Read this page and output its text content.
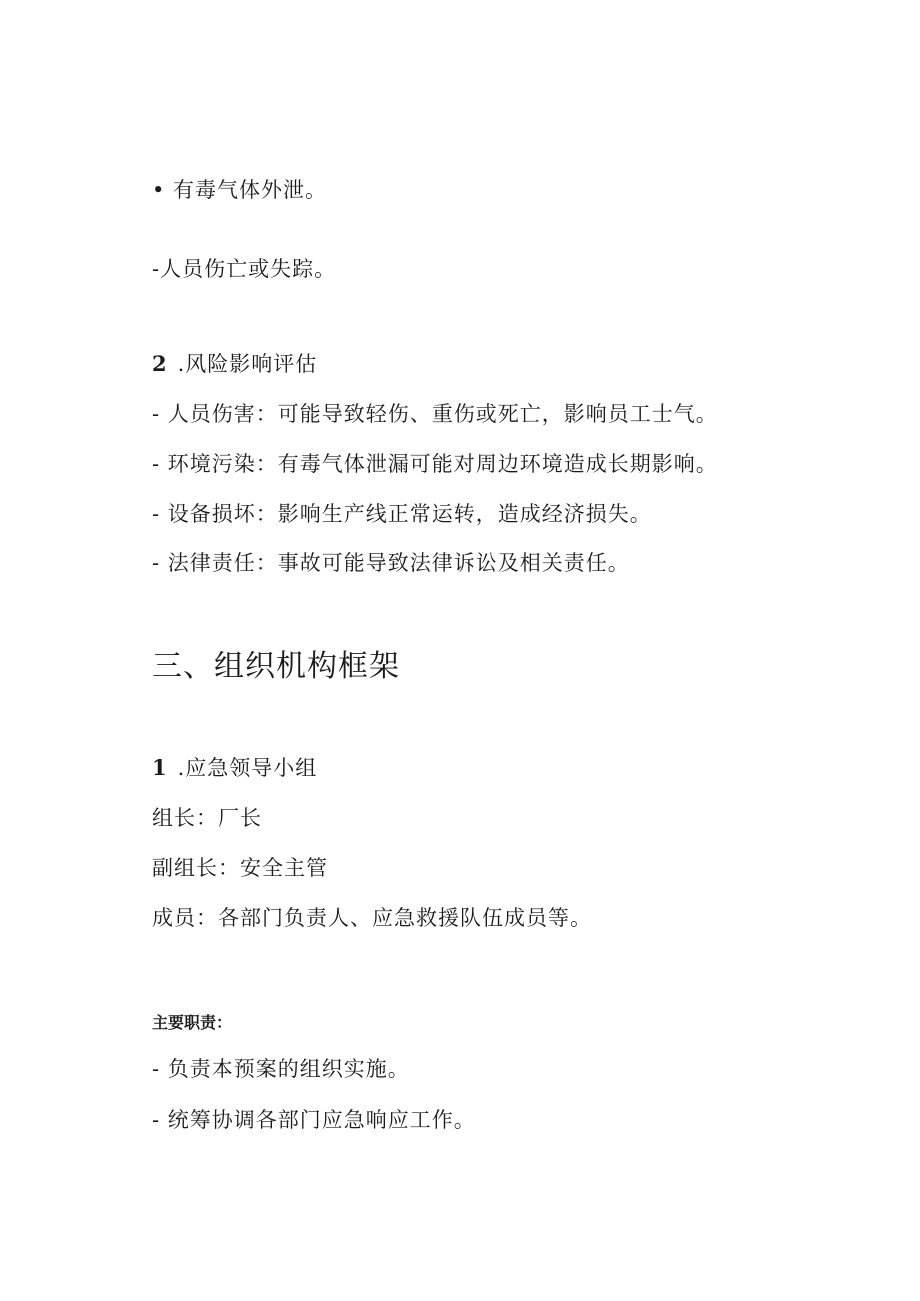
• 有毒气体外泄。
-人员伤亡或失踪。
2 .风险影响评估
- 人员伤害：可能导致轻伤、重伤或死亡，影响员工士气。
- 环境污染：有毒气体泄漏可能对周边环境造成长期影响。
- 设备损坏：影响生产线正常运转，造成经济损失。
- 法律责任：事故可能导致法律诉讼及相关责任。
三、组织机构框架
1 .应急领导小组
组长：厂长
副组长：安全主管
成员：各部门负责人、应急救援队伍成员等。
主要职责：
- 负责本预案的组织实施。
- 统筹协调各部门应急响应工作。
